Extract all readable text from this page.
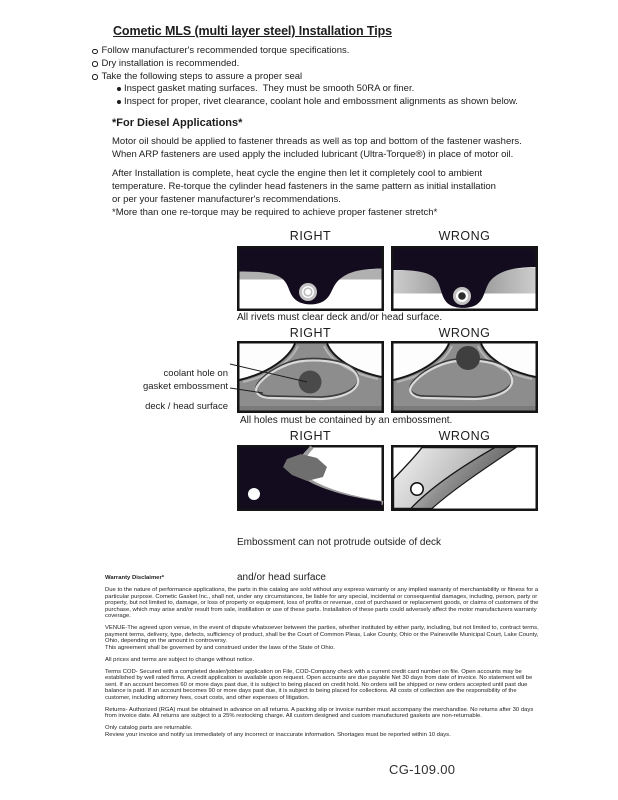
Cometic MLS (multi layer steel) Installation Tips
Follow manufacturer's recommended torque specifications.
Dry installation is recommended.
Take the following steps to assure a proper seal
Inspect gasket mating surfaces.  They must be smooth 50RA or finer.
Inspect for proper, rivet clearance, coolant hole and embossment alignments as shown below.
*For Diesel Applications*
Motor oil should be applied to fastener threads as well as top and bottom of the fastener washers.
When ARP fasteners are used apply the included lubricant (Ultra-Torque®) in place of motor oil.
After Installation is complete, heat cycle the engine then let it completely cool to ambient
temperature. Re-torque the cylinder head fasteners in the same pattern as initial installation
or per your fastener manufacturer's recommendations.
*More than one re-torque may be required to achieve proper fastener stretch*
RIGHT	WRONG
All rivets must clear deck and/or head surface.
RIGHT	WRONG

coolant hole on

deck / head surface

gasket embossment
All holes must be contained by an embossment.
RIGHT	WRONG

Embossment can not protrude outside of deck

and/or head surface

Warranty Disclaimer*

Due to the nature of performance applications, the parts in this catalog are sold without any express warranty or any implied warranty of merchantability or fitness for a particular purpose. Cometic Gasket Inc., shall not, under any circumstances, be liable for any special, incidental or consequential damages, including, person, party or property, but not limited to, damage, or loss of property or equipment, loss of profits or revenue, cost of purchased or replacement goods, or claims of customers of the purchase, which may arise and/or result from sale, instillation or use of these parts. Installation of these parts could adversely affect the motor manufacturers warranty coverage.

VENUE-The agreed upon venue, in the event of dispute whatsoever between the parties, whether instituted by either party, including, but not limited to, contract terms, payment terms, delivery, type, defects, sufficiency of product, shall be the Court of Common Pleas, Lake County, Ohio or the Painesville Municipal Court, Lake County, Ohio, depending on the amount in controversy.

This agreement shall be governed by and construed under the laws of the State of Ohio.

All prices and terms are subject to change without notice.

Terms COD- Secured with a completed dealer/jobber application on File, COD-Company check with a current credit card number on file. Open accounts may be established by well rated firms. A credit application is available upon request. Open accounts are due payable Net 30 days from date of invoice. No statement will be sent. If an account becomes 60 or more days past due, it is subject to being placed on credit hold. No orders will be shipped or new orders accepted until past due balance is paid. If an account becomes 90 or more days past due, it is subject to being placed for collections. All costs of collection are the responsibility of the customer, including attorney fees, court costs, and other expenses of litigation.

Returns- Authorized (RGA) must be obtained in advance on all returns. A packing slip or invoice number must accompany the merchandise. No returns after 30 days from invoice date. All returns are subject to a 25% restocking charge. All custom designed and custom manufactured gaskets are non-returnable.

Only catalog parts are returnable.

Review your invoice and notify us immediately of any incorrect or inaccurate information. Shortages must be reported within 10 days.

CG-109.00
